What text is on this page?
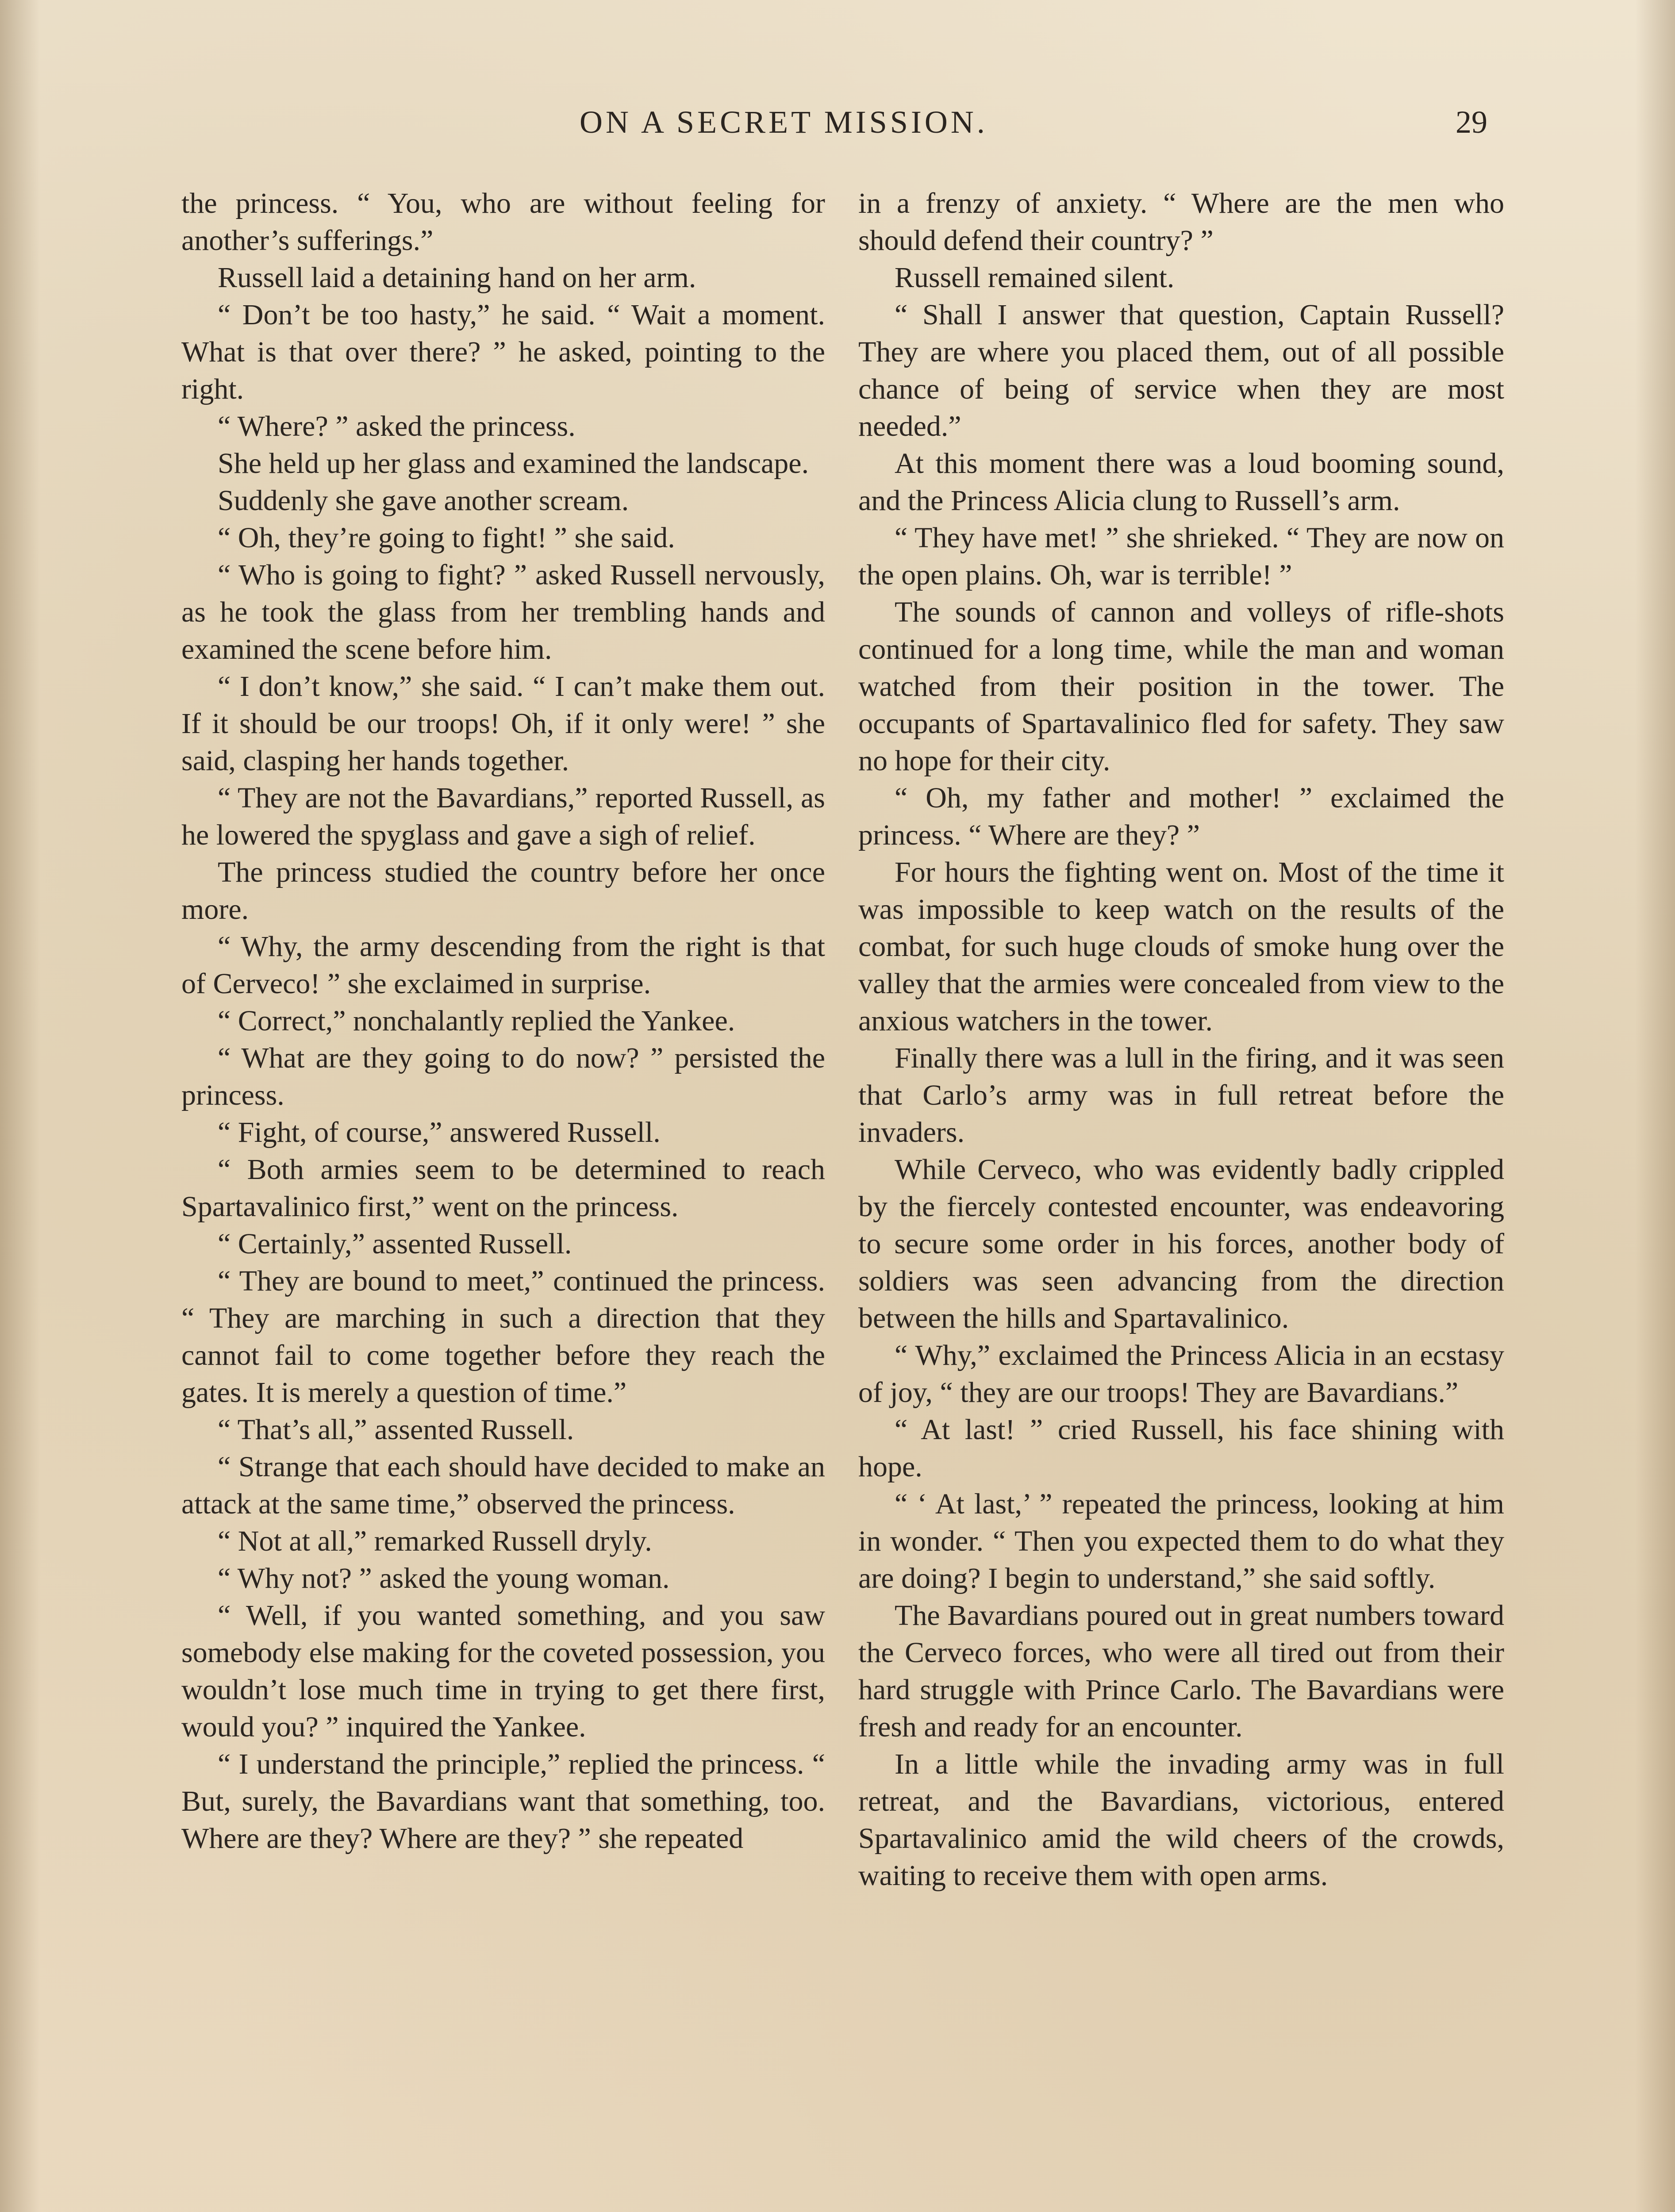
ON A SECRET MISSION.	29

the princess. “ You, who are without feeling for another’s sufferings.”

Russell laid a detaining hand on her arm.

“ Don’t be too hasty,” he said. “ Wait a moment. What is that over there? ” he asked, pointing to the right.

“ Where? ” asked the princess.

She held up her glass and examined the landscape.

Suddenly she gave another scream.

“ Oh, they’re going to fight! ” she said.

“ Who is going to fight? ” asked Russell nervously, as he took the glass from her trembling hands and examined the scene before him.

“ I don’t know,” she said. “ I can’t make them out. If it should be our troops! Oh, if it only were! ” she said, clasping her hands together.

“ They are not the Bavardians,” reported Russell, as he lowered the spyglass and gave a sigh of relief.

The princess studied the country before her once more.

“ Why, the army descending from the right is that of Cerveco! ” she exclaimed in surprise.

“ Correct,” nonchalantly replied the Yankee.

“ What are they going to do now? ” persisted the princess.

“ Fight, of course,” answered Russell.

“ Both armies seem to be determined to reach Spartavalinico first,” went on the princess.

“ Certainly,” assented Russell.

“ They are bound to meet,” continued the princess. “ They are marching in such a direction that they cannot fail to come together before they reach the gates. It is merely a question of time.”

“ That’s all,” assented Russell.

“ Strange that each should have decided to make an attack at the same time,” observed the princess.

“ Not at all,” remarked Russell dryly.

“ Why not? ” asked the young woman.

“ Well, if you wanted something, and you saw somebody else making for the coveted possession, you wouldn’t lose much time in trying to get there first, would you? ” inquired the Yankee.

“ I understand the principle,” replied the princess. “ But, surely, the Bavardians want that something, too. Where are they? Where are they? ” she repeated

in a frenzy of anxiety. “ Where are the men who should defend their country? ”

Russell remained silent.

“ Shall I answer that question, Captain Russell? They are where you placed them, out of all possible chance of being of service when they are most needed.”

At this moment there was a loud booming sound, and the Princess Alicia clung to Russell’s arm.

“ They have met! ” she shrieked. “ They are now on the open plains. Oh, war is terrible! ”

The sounds of cannon and volleys of rifle-shots continued for a long time, while the man and woman watched from their position in the tower. The occupants of Spartavalinico fled for safety. They saw no hope for their city.

“ Oh, my father and mother! ” exclaimed the princess. “ Where are they? ”

For hours the fighting went on. Most of the time it was impossible to keep watch on the results of the combat, for such huge clouds of smoke hung over the valley that the armies were concealed from view to the anxious watchers in the tower.

Finally there was a lull in the firing, and it was seen that Carlo’s army was in full retreat before the invaders.

While Cerveco, who was evidently badly crippled by the fiercely contested encounter, was endeavoring to secure some order in his forces, another body of soldiers was seen advancing from the direction between the hills and Spartavalinico.

“ Why,” exclaimed the Princess Alicia in an ecstasy of joy, “ they are our troops! They are Bavardians.”

“ At last! ” cried Russell, his face shining with hope.

“ ‘ At last,’ ” repeated the princess, looking at him in wonder. “ Then you expected them to do what they are doing? I begin to understand,” she said softly.

The Bavardians poured out in great numbers toward the Cerveco forces, who were all tired out from their hard struggle with Prince Carlo. The Bavardians were fresh and ready for an encounter.

In a little while the invading army was in full retreat, and the Bavardians, victorious, entered Spartavalinico amid the wild cheers of the crowds, waiting to receive them with open arms.
